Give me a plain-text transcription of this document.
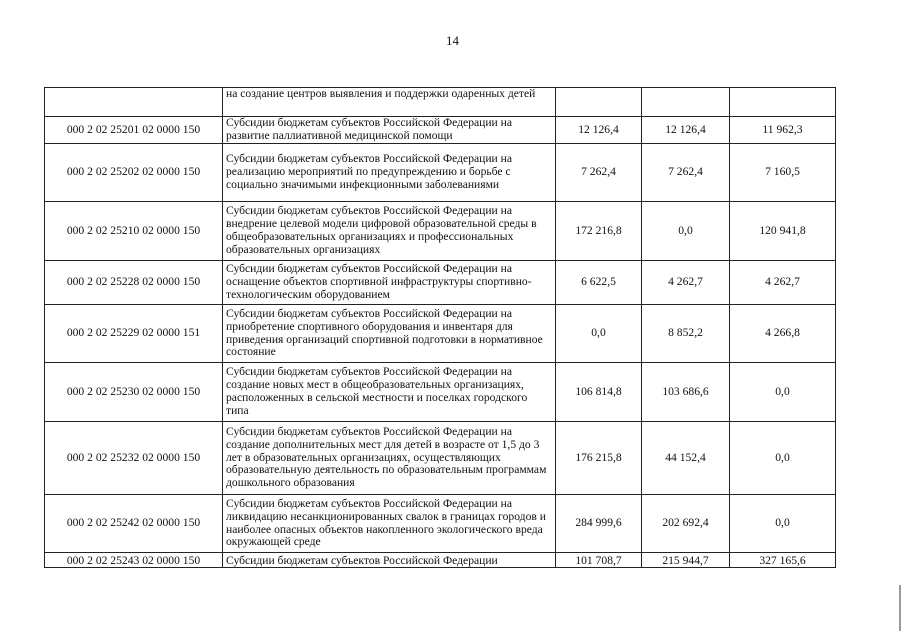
14
	на создание центров выявления и поддержки одаренных детей			
000 2 02 25201 02 0000 150	Субсидии бюджетам субъектов Российской Федерации на развитие паллиативной медицинской помощи	12 126,4	12 126,4	11 962,3
000 2 02 25202 02 0000 150	Субсидии бюджетам субъектов Российской Федерации на реализацию мероприятий по предупреждению и борьбе с социально значимыми инфекционными заболеваниями	7 262,4	7 262,4	7 160,5
000 2 02 25210 02 0000 150	Субсидии бюджетам субъектов Российской Федерации на внедрение целевой модели цифровой образовательной среды в общеобразовательных организациях и профессиональных образовательных организациях	172 216,8	0,0	120 941,8
000 2 02 25228 02 0000 150	Субсидии бюджетам субъектов Российской Федерации на оснащение объектов спортивной инфраструктуры спортивно-технологическим оборудованием	6 622,5	4 262,7	4 262,7
000 2 02 25229 02 0000 151	Субсидии бюджетам субъектов Российской Федерации на приобретение спортивного оборудования и инвентаря для приведения организаций спортивной подготовки в нормативное состояние	0,0	8 852,2	4 266,8
000 2 02 25230 02 0000 150	Субсидии бюджетам субъектов Российской Федерации на создание новых мест в общеобразовательных организациях, расположенных в сельской местности и поселках городского типа	106 814,8	103 686,6	0,0
000 2 02 25232 02 0000 150	Субсидии бюджетам субъектов Российской Федерации на создание дополнительных мест для детей в возрасте от 1,5 до 3 лет в образовательных организациях, осуществляющих образовательную деятельность по образовательным программам дошкольного образования	176 215,8	44 152,4	0,0
000 2 02 25242 02 0000 150	Субсидии бюджетам субъектов Российской Федерации на ликвидацию несанкционированных свалок в границах городов и наиболее опасных объектов накопленного экологического вреда окружающей среде	284 999,6	202 692,4	0,0
000 2 02 25243 02 0000 150	Субсидии бюджетам субъектов Российской Федерации	101 708,7	215 944,7	327 165,6
